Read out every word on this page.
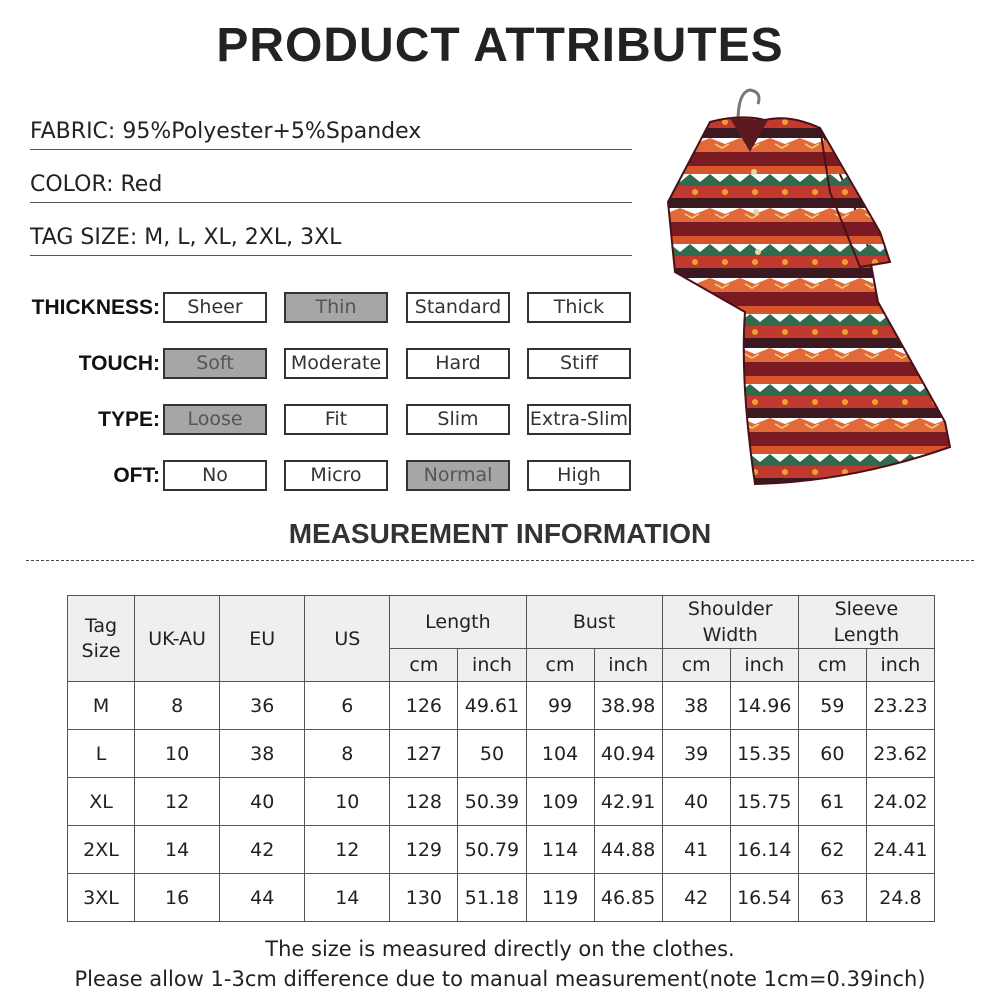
PRODUCT ATTRIBUTES
FABRIC: 95%Polyester+5%Spandex
COLOR: Red
TAG SIZE: M, L, XL, 2XL, 3XL
THICKNESS:	Sheer	Thin	Standard	Thick
TOUCH:	Soft	Moderate	Hard	Stiff
TYPE:	Loose	Fit	Slim	Extra-Slim
OFT:	No	Micro	Normal	High
MEASUREMENT INFORMATION
Tag Size	UK-AU	EU	US	Length		Bust		Shoulder Width		Sleeve Length	
				cm	inch	cm	inch	cm	inch	cm	inch
M	8	36	6	126	49.61	99	38.98	38	14.96	59	23.23
L	10	38	8	127	50	104	40.94	39	15.35	60	23.62
XL	12	40	10	128	50.39	109	42.91	40	15.75	61	24.02
2XL	14	42	12	129	50.79	114	44.88	41	16.14	62	24.41
3XL	16	44	14	130	51.18	119	46.85	42	16.54	63	24.8
The size is measured directly on the clothes.
Please allow 1-3cm difference due to manual measurement(note 1cm=0.39inch)
